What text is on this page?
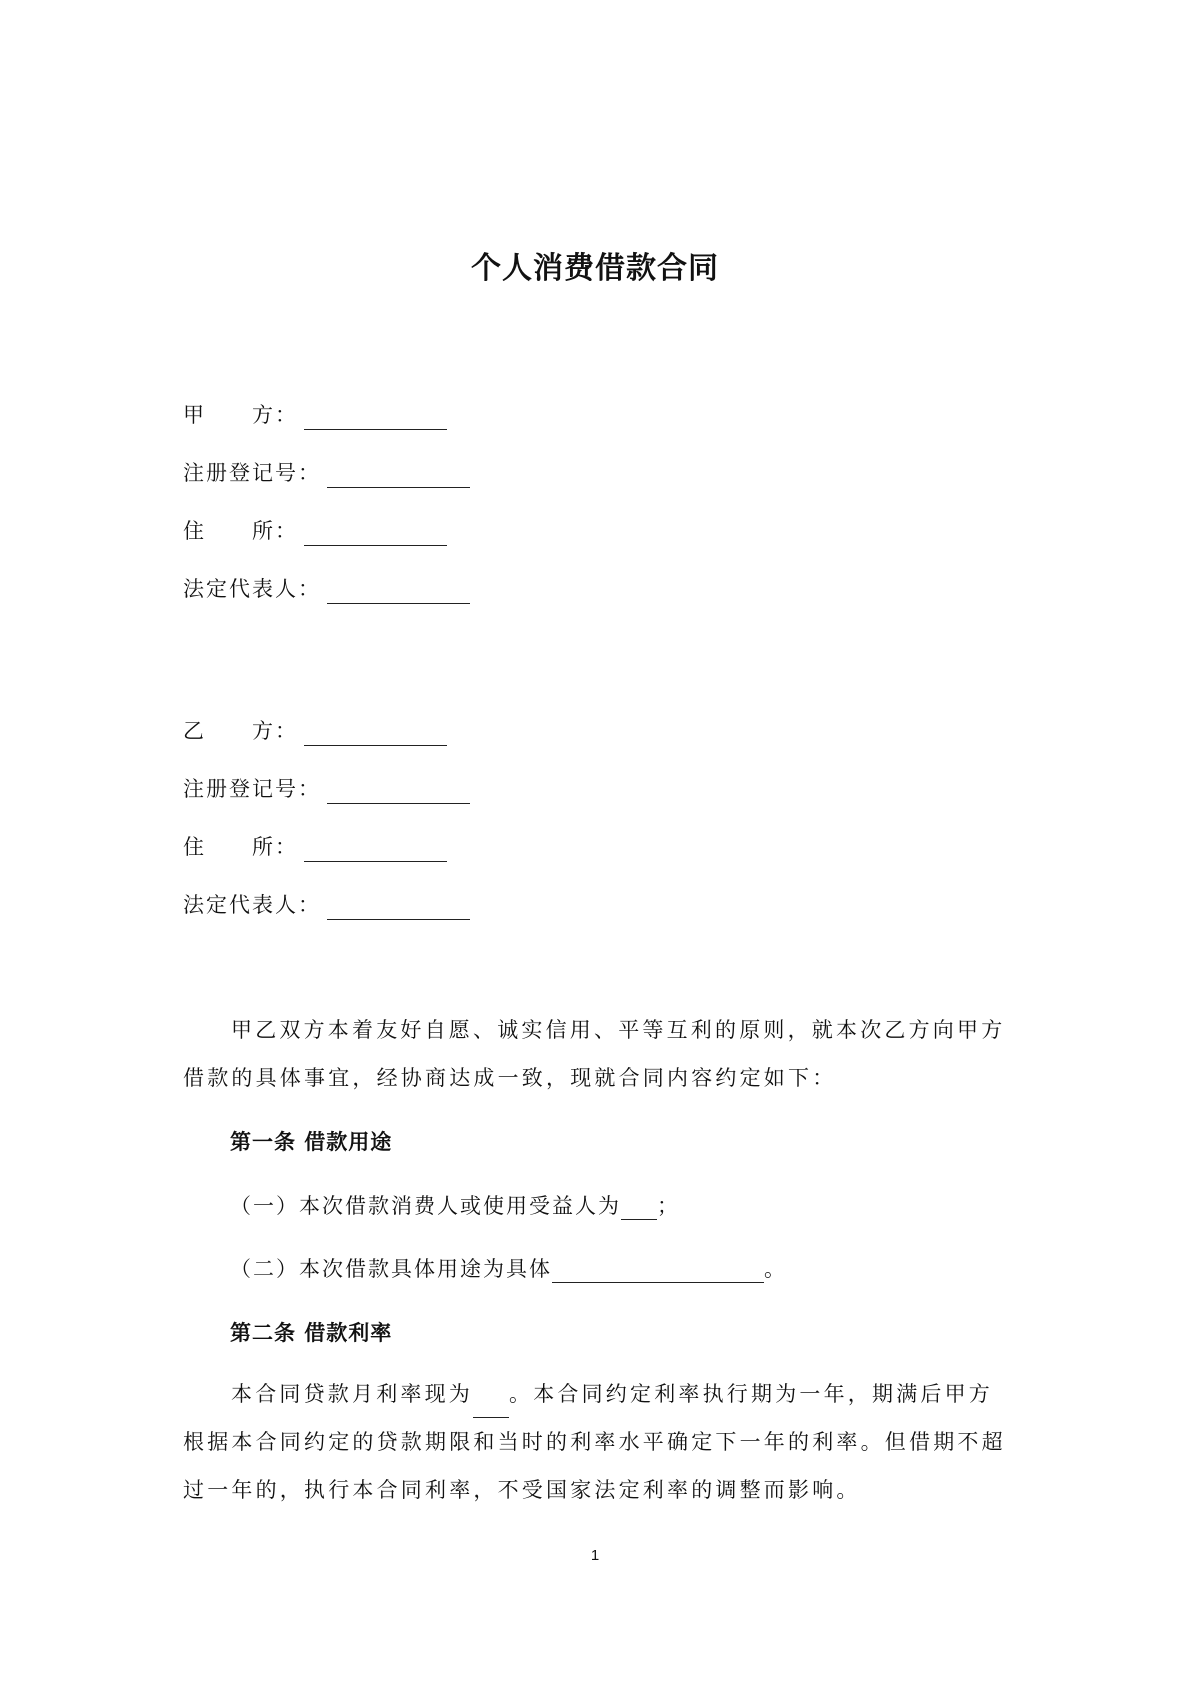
个人消费借款合同
甲　　方：
注册登记号：
住　　所：
法定代表人：
乙　　方：
注册登记号：
住　　所：
法定代表人：
甲乙双方本着友好自愿、诚实信用、平等互利的原则，就本次乙方向甲方借款的具体事宜，经协商达成一致，现就合同内容约定如下：
第一条 借款用途
（一）本次借款消费人或使用受益人为 ；
（二）本次借款具体用途为具体	。
第二条 借款利率
本合同贷款月利率现为 。本合同约定利率执行期为一年，期满后甲方根据本合同约定的贷款期限和当时的利率水平确定下一年的利率。但借期不超过一年的，执行本合同利率，不受国家法定利率的调整而影响。
1
